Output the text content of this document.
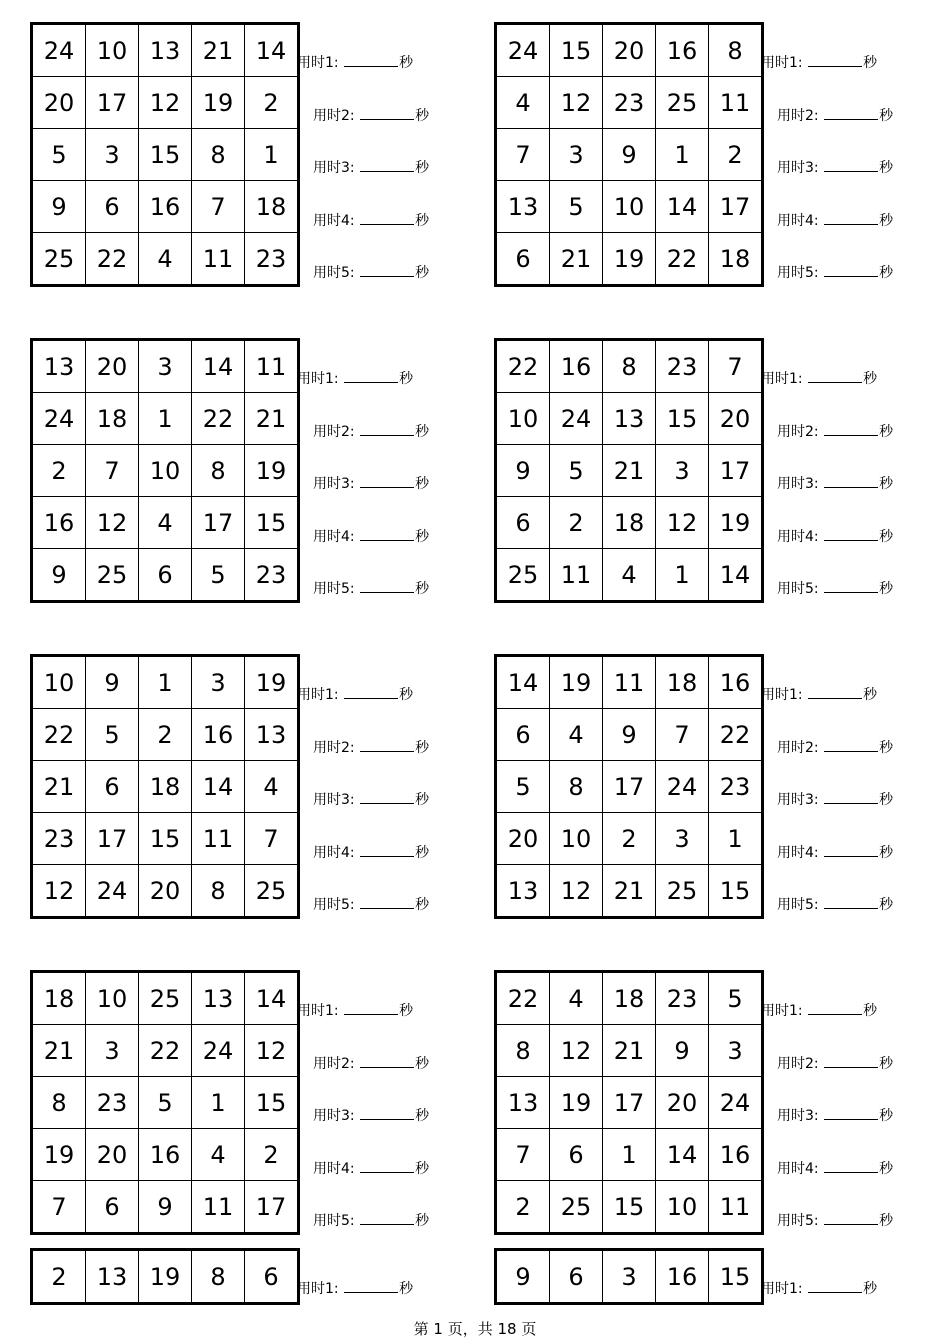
24	10	13	21	14
20	17	12	19	2
5	3	15	8	1
9	6	16	7	18
25	22	4	11	23
用时1:	秒
用时2:	秒
用时3:	秒
用时4:	秒
用时5:	秒
24	15	20	16	8
4	12	23	25	11
7	3	9	1	2
13	5	10	14	17
6	21	19	22	18
用时1:	秒
用时2:	秒
用时3:	秒
用时4:	秒
用时5:	秒
13	20	3	14	11
24	18	1	22	21
2	7	10	8	19
16	12	4	17	15
9	25	6	5	23
用时1:	秒
用时2:	秒
用时3:	秒
用时4:	秒
用时5:	秒
22	16	8	23	7
10	24	13	15	20
9	5	21	3	17
6	2	18	12	19
25	11	4	1	14
用时1:	秒
用时2:	秒
用时3:	秒
用时4:	秒
用时5:	秒
10	9	1	3	19
22	5	2	16	13
21	6	18	14	4
23	17	15	11	7
12	24	20	8	25
用时1:	秒
用时2:	秒
用时3:	秒
用时4:	秒
用时5:	秒
14	19	11	18	16
6	4	9	7	22
5	8	17	24	23
20	10	2	3	1
13	12	21	25	15
用时1:	秒
用时2:	秒
用时3:	秒
用时4:	秒
用时5:	秒
18	10	25	13	14
21	3	22	24	12
8	23	5	1	15
19	20	16	4	2
7	6	9	11	17
用时1:	秒
用时2:	秒
用时3:	秒
用时4:	秒
用时5:	秒
22	4	18	23	5
8	12	21	9	3
13	19	17	20	24
7	6	1	14	16
2	25	15	10	11
用时1:	秒
用时2:	秒
用时3:	秒
用时4:	秒
用时5:	秒
2	13	19	8	6 用时1:	秒	9	6	3	16	15 用时1:	秒
第 1 页，共 18 页
